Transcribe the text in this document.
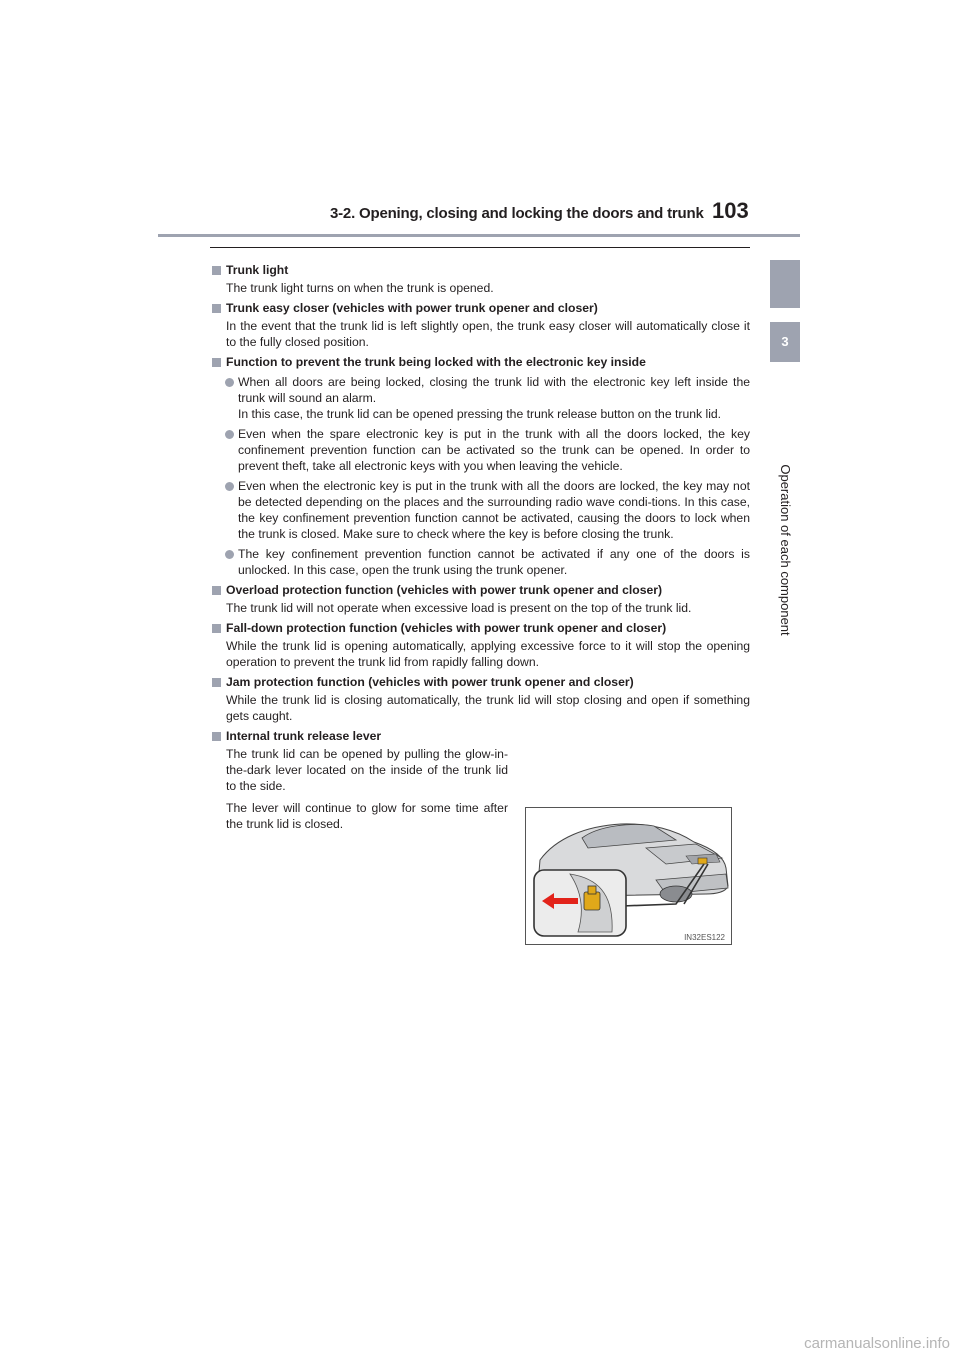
3-2. Opening, closing and locking the doors and trunk 103
3
Operation of each component
Trunk light
The trunk light turns on when the trunk is opened.
Trunk easy closer (vehicles with power trunk opener and closer)
In the event that the trunk lid is left slightly open, the trunk easy closer will automatically close it to the fully closed position.
Function to prevent the trunk being locked with the electronic key inside

When all doors are being locked, closing the trunk lid with the electronic key left inside the trunk will sound an alarm.

In this case, the trunk lid can be opened pressing the trunk release button on the trunk lid.

Even when the spare electronic key is put in the trunk with all the doors locked, the key confinement prevention function can be activated so the trunk can be opened. In order to prevent theft, take all electronic keys with you when leaving the vehicle.

Even when the electronic key is put in the trunk with all the doors are locked, the key may not be detected depending on the places and the surrounding radio wave condi-tions. In this case, the key confinement prevention function cannot be activated, causing the doors to lock when the trunk is closed. Make sure to check where the key is before closing the trunk.

The key confinement prevention function cannot be activated if any one of the doors is unlocked. In this case, open the trunk using the trunk opener.

Overload protection function (vehicles with power trunk opener and closer)
The trunk lid will not operate when excessive load is present on the top of the trunk lid.
Fall-down protection function (vehicles with power trunk opener and closer)
While the trunk lid is opening automatically, applying excessive force to it will stop the opening operation to prevent the trunk lid from rapidly falling down.
Jam protection function (vehicles with power trunk opener and closer)
While the trunk lid is closing automatically, the trunk lid will stop closing and open if something gets caught.
Internal trunk release lever

The trunk lid can be opened by pulling the glow-in-the-dark lever located on the inside of the trunk lid to the side.

The lever will continue to glow for some time after the trunk lid is closed.

IN32ES122
carmanualsonline.info
